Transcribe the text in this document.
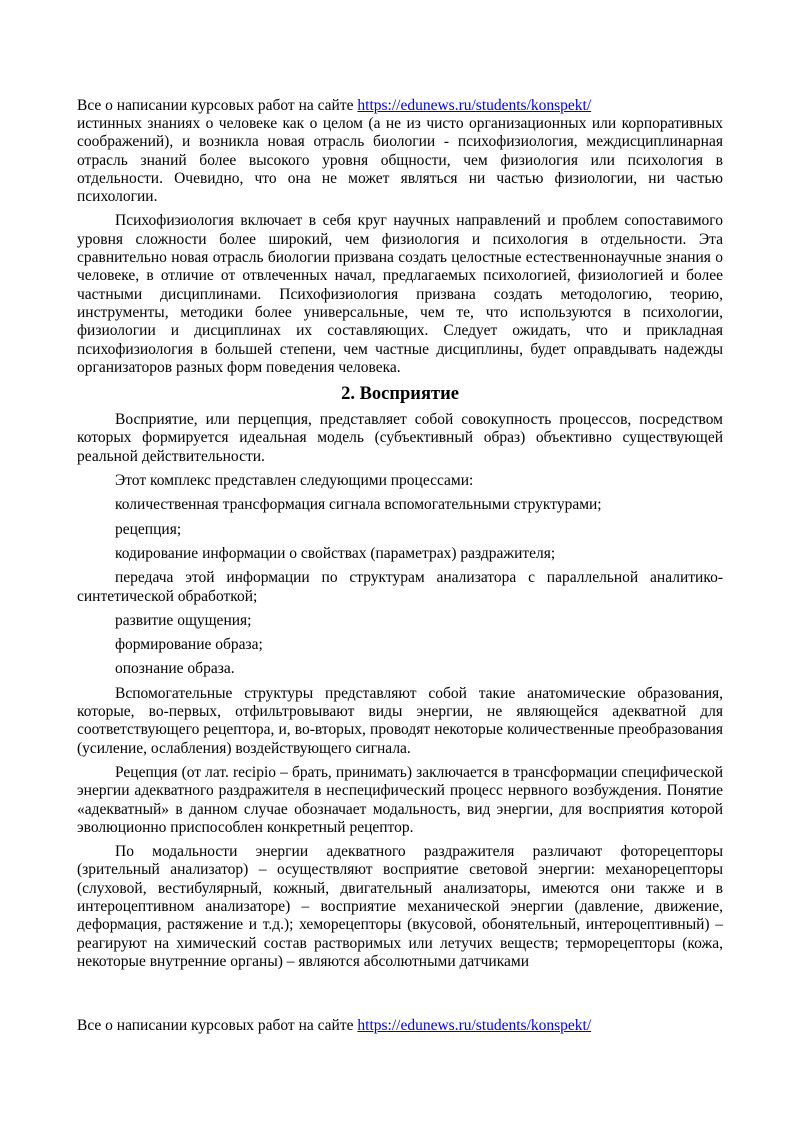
Все о написании курсовых работ на сайте https://edunews.ru/students/konspekt/

истинных знаниях о человеке как о целом (а не из чисто организационных или корпоративных соображений), и возникла новая отрасль биологии - психофизиология, междисциплинарная отрасль знаний более высокого уровня общности, чем физиология или психология в отдельности. Очевидно, что она не может являться ни частью физиологии, ни частью психологии.

Психофизиология включает в себя круг научных направлений и проблем сопоставимого уровня сложности более широкий, чем физиология и психология в отдельности. Эта сравнительно новая отрасль биологии призвана создать целостные естественнонаучные знания о человеке, в отличие от отвлеченных начал, предлагаемых психологией, физиологией и более частными дисциплинами. Психофизиология призвана создать методологию, теорию, инструменты, методики более универсальные, чем те, что используются в психологии, физиологии и дисциплинах их составляющих. Следует ожидать, что и прикладная психофизиология в большей степени, чем частные дисциплины, будет оправдывать надежды организаторов разных форм поведения человека.

2. Восприятие

Восприятие, или перцепция, представляет собой совокупность процессов, посредством которых формируется идеальная модель (субъективный образ) объективно существующей реальной действительности.

Этот комплекс представлен следующими процессами:

количественная трансформация сигнала вспомогательными структурами;

рецепция;

кодирование информации о свойствах (параметрах) раздражителя;

передача этой информации по структурам анализатора с параллельной аналитико-синтетической обработкой;

развитие ощущения;

формирование образа;

опознание образа.

Вспомогательные структуры представляют собой такие анатомические образования, которые, во-первых, отфильтровывают виды энергии, не являющейся адекватной для соответствующего рецептора, и, во-вторых, проводят некоторые количественные преобразования (усиление, ослабления) воздействующего сигнала.

Рецепция (от лат. recipio – брать, принимать) заключается в трансформации специфической энергии адекватного раздражителя в неспецифический процесс нервного возбуждения. Понятие «адекватный» в данном случае обозначает модальность, вид энергии, для восприятия которой эволюционно приспособлен конкретный рецептор.

По модальности энергии адекватного раздражителя различают фоторецепторы (зрительный анализатор) – осуществляют восприятие световой энергии: механорецепторы (слуховой, вестибулярный, кожный, двигательный анализаторы, имеются они также и в интероцептивном анализаторе) – восприятие механической энергии (давление, движение, деформация, растяжение и т.д.); хеморецепторы (вкусовой, обонятельный, интероцептивный) – реагируют на химический состав растворимых или летучих веществ; терморецепторы (кожа, некоторые внутренние органы) – являются абсолютными датчиками

Все о написании курсовых работ на сайте https://edunews.ru/students/konspekt/
